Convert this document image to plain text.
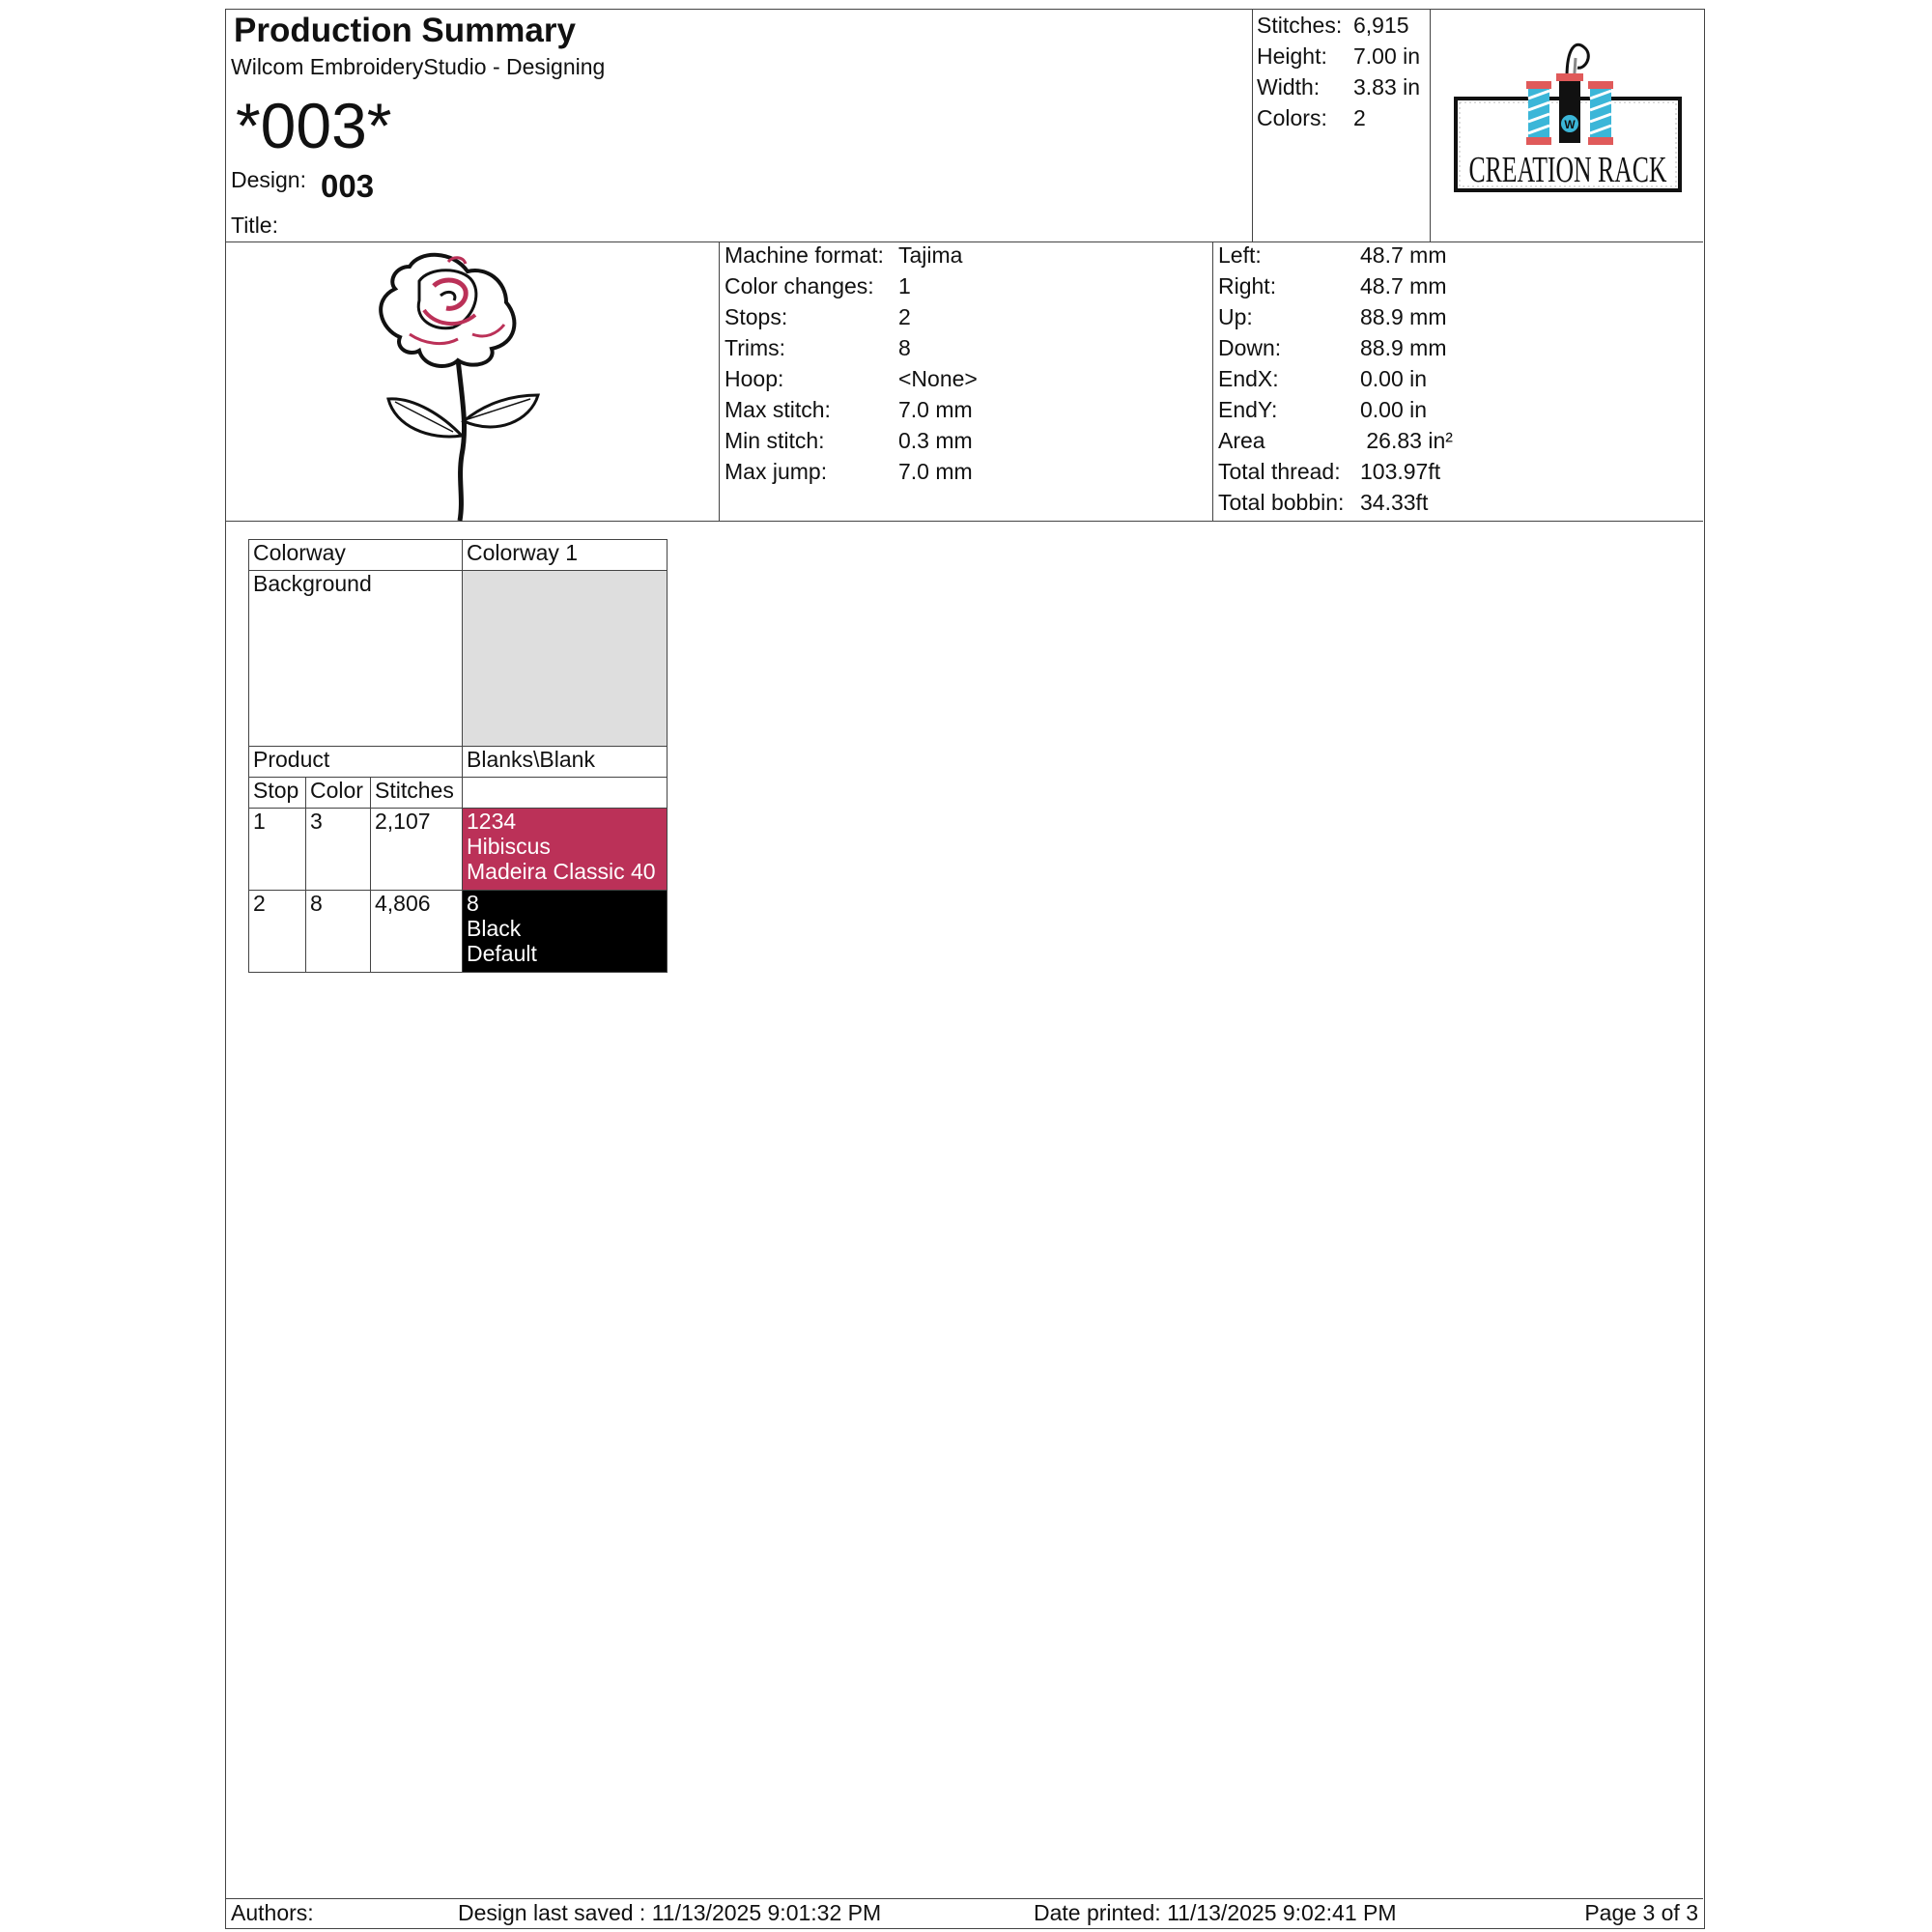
Production Summary
Wilcom EmbroideryStudio - Designing
*003*
Design: 003
Title:
Stitches: 6,915
Height: 7.00 in
Width: 3.83 in
Colors: 2	W
CREATION RACK
Machine format: Tajima
Color changes: 1
Stops:	2
Trims:	8
Hoop:	<None>
Max stitch:	7.0 mm
Min stitch:	0.3 mm
Max jump:	7.0 mm
Left:	48.7 mm
Right:	48.7 mm
Up:	88.9 mm
Down:	88.9 mm
EndX:	0.00 in
EndY:	0.00 in
Area	26.83 in²
Total thread: 103.97ft
Total bobbin: 34.33ft
Colorway			Colorway 1
Background			
Product			Blanks\Blank
Stop	Color	Stitches	
1	3	2,107	1234
Hibiscus
Madeira Classic 40

2	8	4,806	8
Black
Default
Authors:	Design last saved : 11/13/2025 9:01:32 PM	Date printed: 11/13/2025 9:02:41 PM	Page 3 of 3
